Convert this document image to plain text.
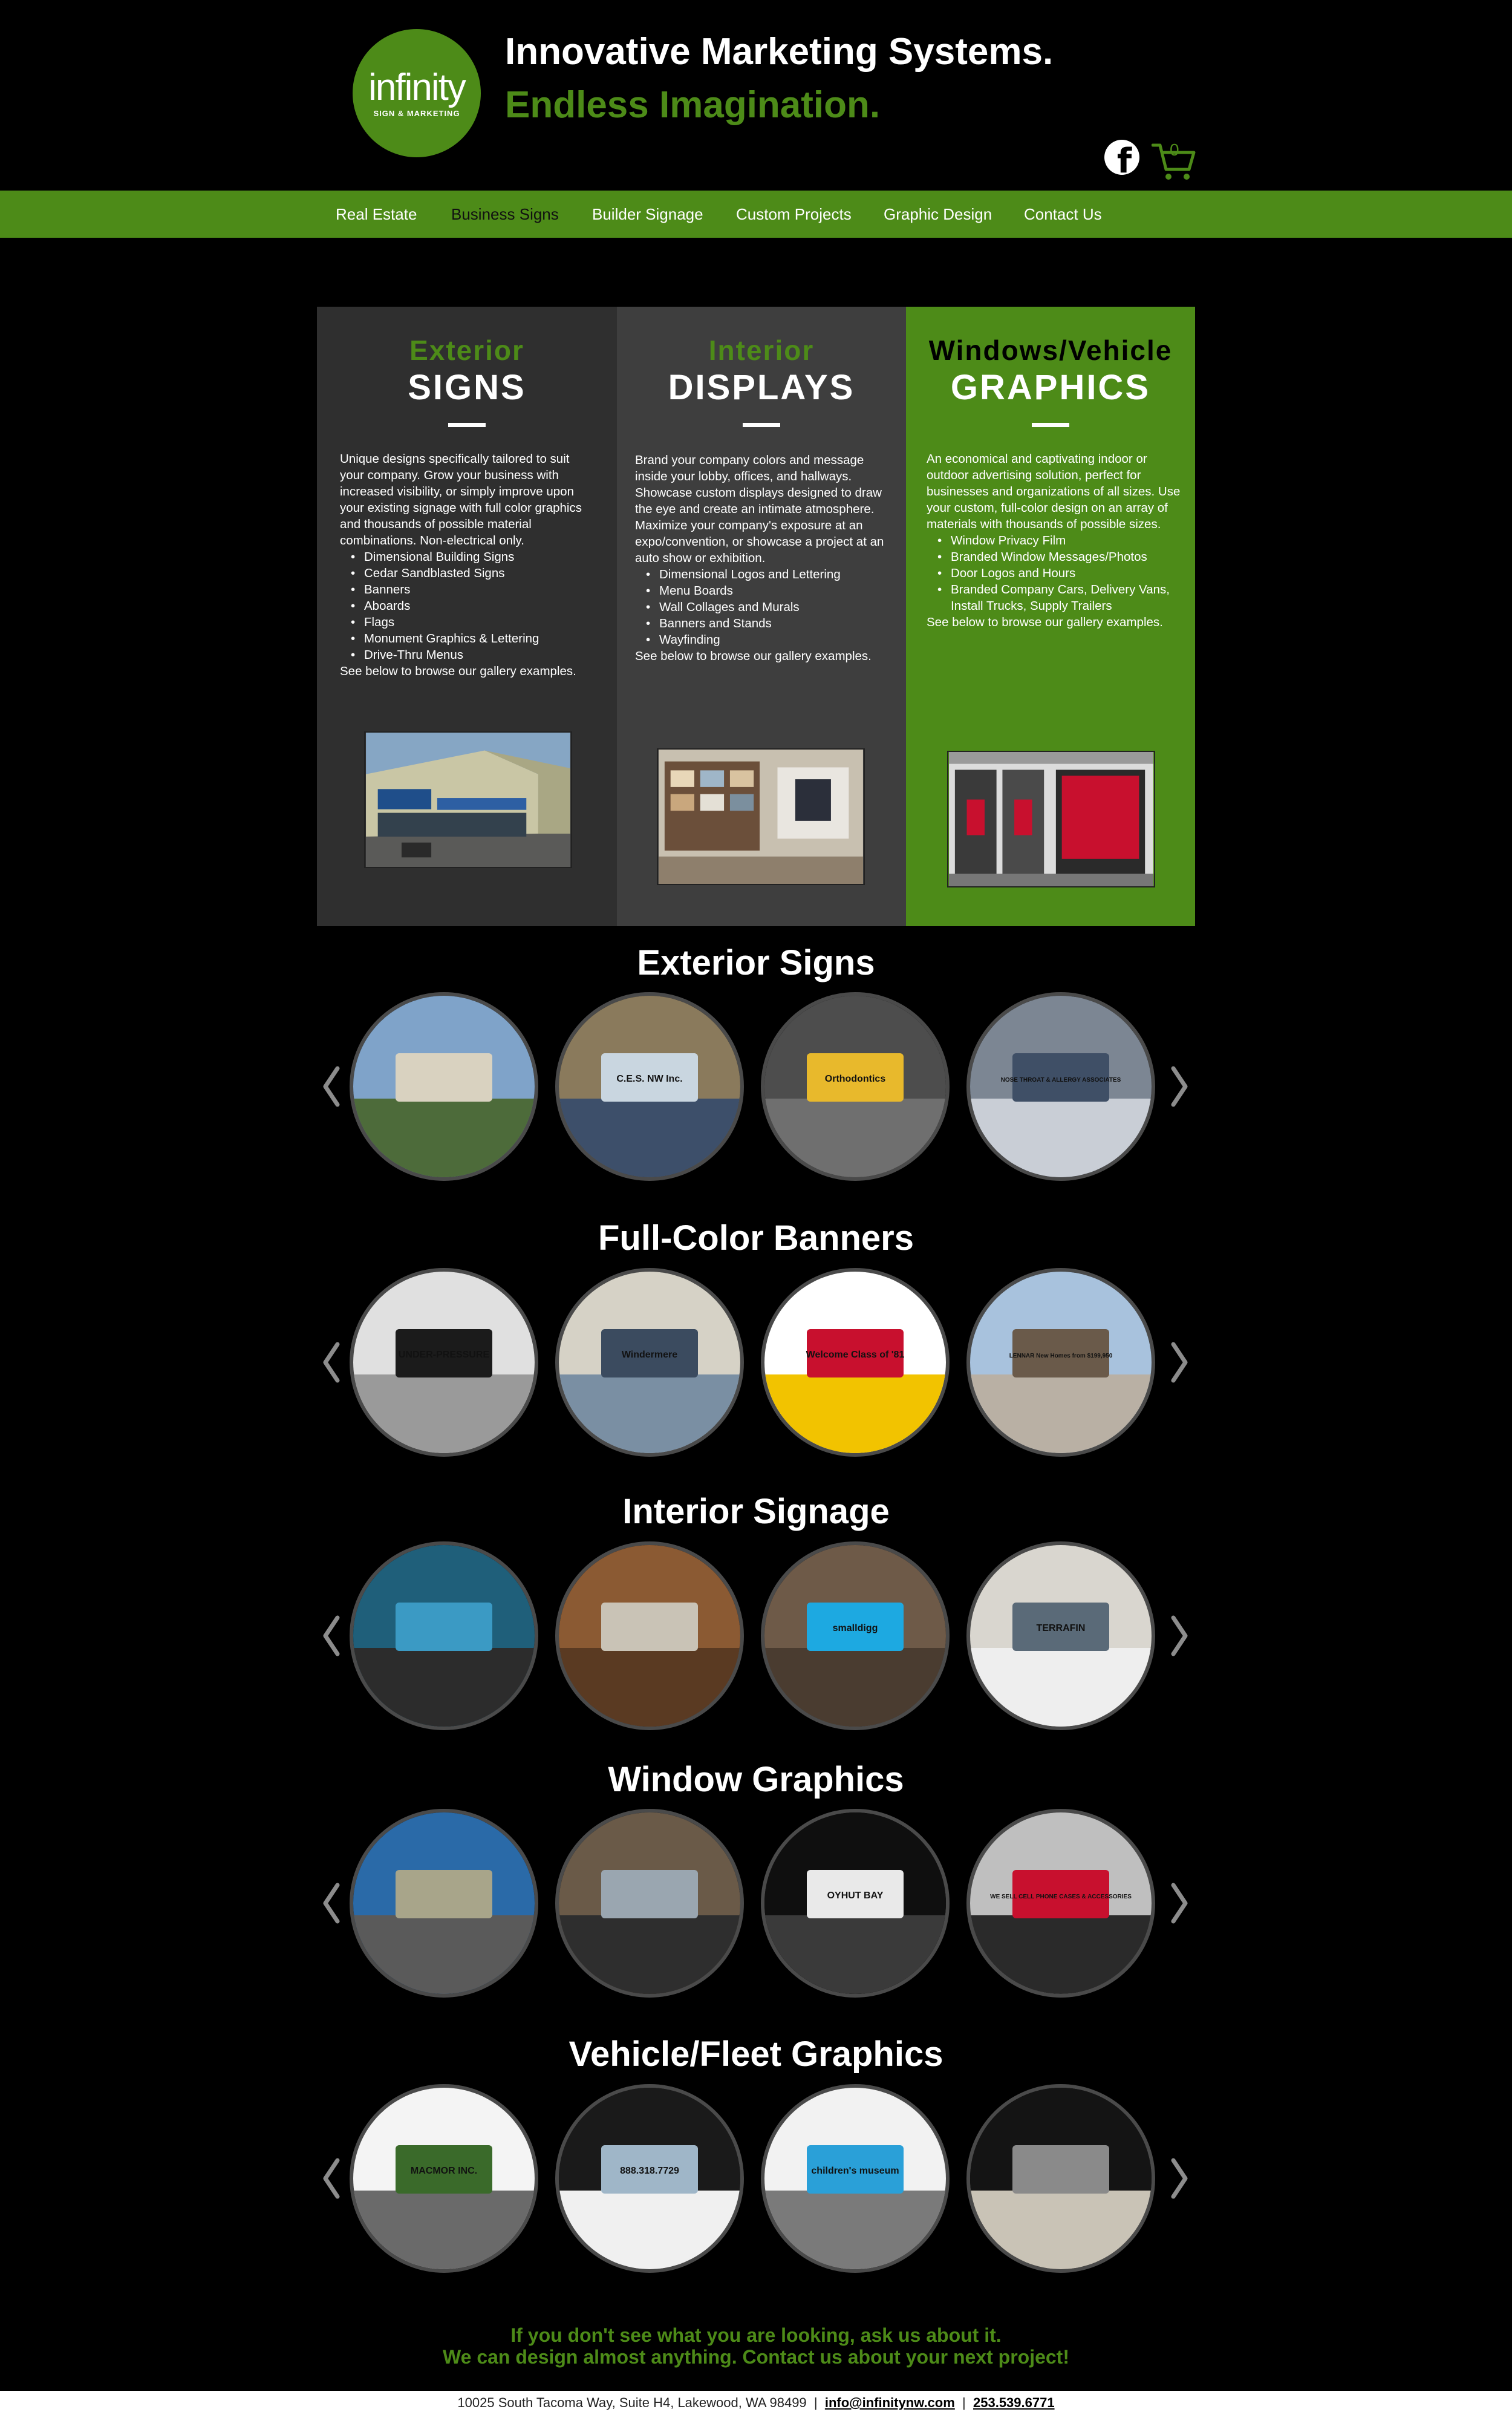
infinity
SIGN & MARKETING
Innovative Marketing Systems.
Endless Imagination.
f 0
Real Estate Business Signs Builder Signage Custom Projects Graphic Design Contact Us
Exterior
SIGNS

Unique designs specifically tailored to suit your company. Grow your business with increased visibility, or simply improve upon your existing signage with full color graphics and thousands of possible material combinations. Non-electrical only.

• Dimensional Building Signs
• Cedar Sandblasted Signs
• Banners
• Aboards
• Flags
• Monument Graphics & Lettering
• Drive-Thru Menus

See below to browse our gallery examples.

Interior
DISPLAYS

Brand your company colors and message inside your lobby, offices, and hallways. Showcase custom displays designed to draw the eye and create an intimate atmosphere. Maximize your company's exposure at an expo/convention, or showcase a project at an auto show or exhibition.

• Dimensional Logos and Lettering
• Menu Boards
• Wall Collages and Murals
• Banners and Stands
• Wayfinding

See below to browse our gallery examples.

Windows/Vehicle
GRAPHICS

An economical and captivating indoor or outdoor advertising solution, perfect for businesses and organizations of all sizes. Use your custom, full-color design on an array of materials with thousands of possible sizes.

• Window Privacy Film
• Branded Window Messages/Photos
• Door Logos and Hours
• Branded Company Cars, Delivery Vans, Install Trucks, Supply Trailers

See below to browse our gallery examples.

Exterior Signs
C.E.S. NW Inc.	Orthodontics	NOSE THROAT & ALLERGY ASSOCIATES
Full-Color Banners
UNDER-PRESSURE	Windermere	Welcome Class of '81	LENNAR New Homes from $199,950
Interior Signage
smalldigg	TERRAFIN
Window Graphics
OYHUT BAY	WE SELL CELL PHONE CASES & ACCESSORIES
Vehicle/Fleet Graphics
MACMOR INC.	888.318.7729	children's museum
If you don't see what you are looking, ask us about it.
We can design almost anything. Contact us about your next project!
10025 South Tacoma Way, Suite H4, Lakewood, WA 98499 | info@infinitynw.com | 253.539.6771
